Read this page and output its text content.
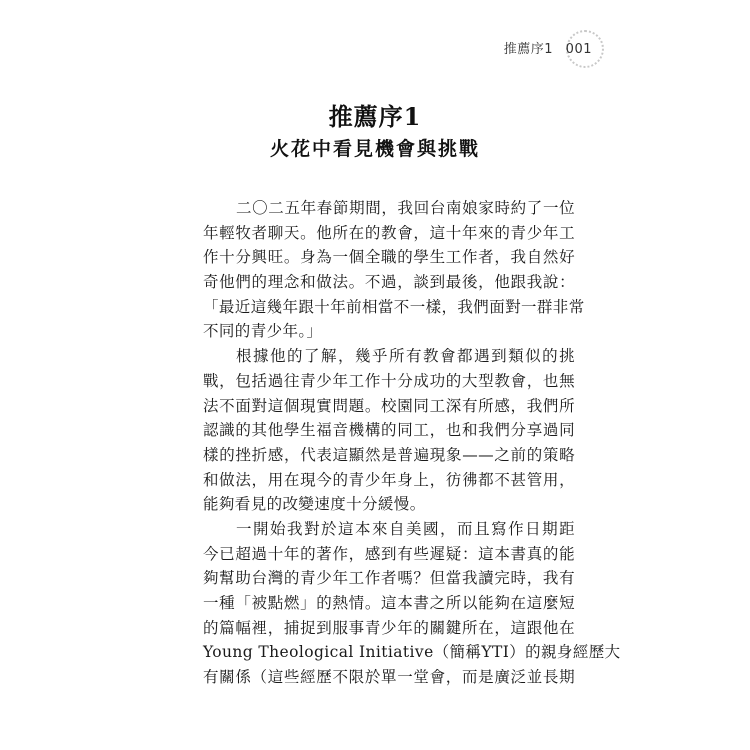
推薦序1 001
推薦序1
火花中看見機會與挑戰
二〇二五年春節期間，我回台南娘家時約了一位
年輕牧者聊天。他所在的教會，這十年來的青少年工
作十分興旺。身為一個全職的學生工作者，我自然好
奇他們的理念和做法。不過，談到最後，他跟我說：
「最近這幾年跟十年前相當不一樣，我們面對一群非常
不同的青少年。」
根據他的了解，幾乎所有教會都遇到類似的挑
戰，包括過往青少年工作十分成功的大型教會，也無
法不面對這個現實問題。校園同工深有所感，我們所
認識的其他學生福音機構的同工，也和我們分享過同
樣的挫折感，代表這顯然是普遍現象——之前的策略
和做法，用在現今的青少年身上，彷彿都不甚管用，
能夠看見的改變速度十分緩慢。
一開始我對於這本來自美國，而且寫作日期距
今已超過十年的著作，感到有些遲疑：這本書真的能
夠幫助台灣的青少年工作者嗎？但當我讀完時，我有
一種「被點燃」的熱情。這本書之所以能夠在這麼短
的篇幅裡，捕捉到服事青少年的關鍵所在，這跟他在
Young Theological Initiative（簡稱YTI）的親身經歷大
有關係（這些經歷不限於單一堂會，而是廣泛並長期
